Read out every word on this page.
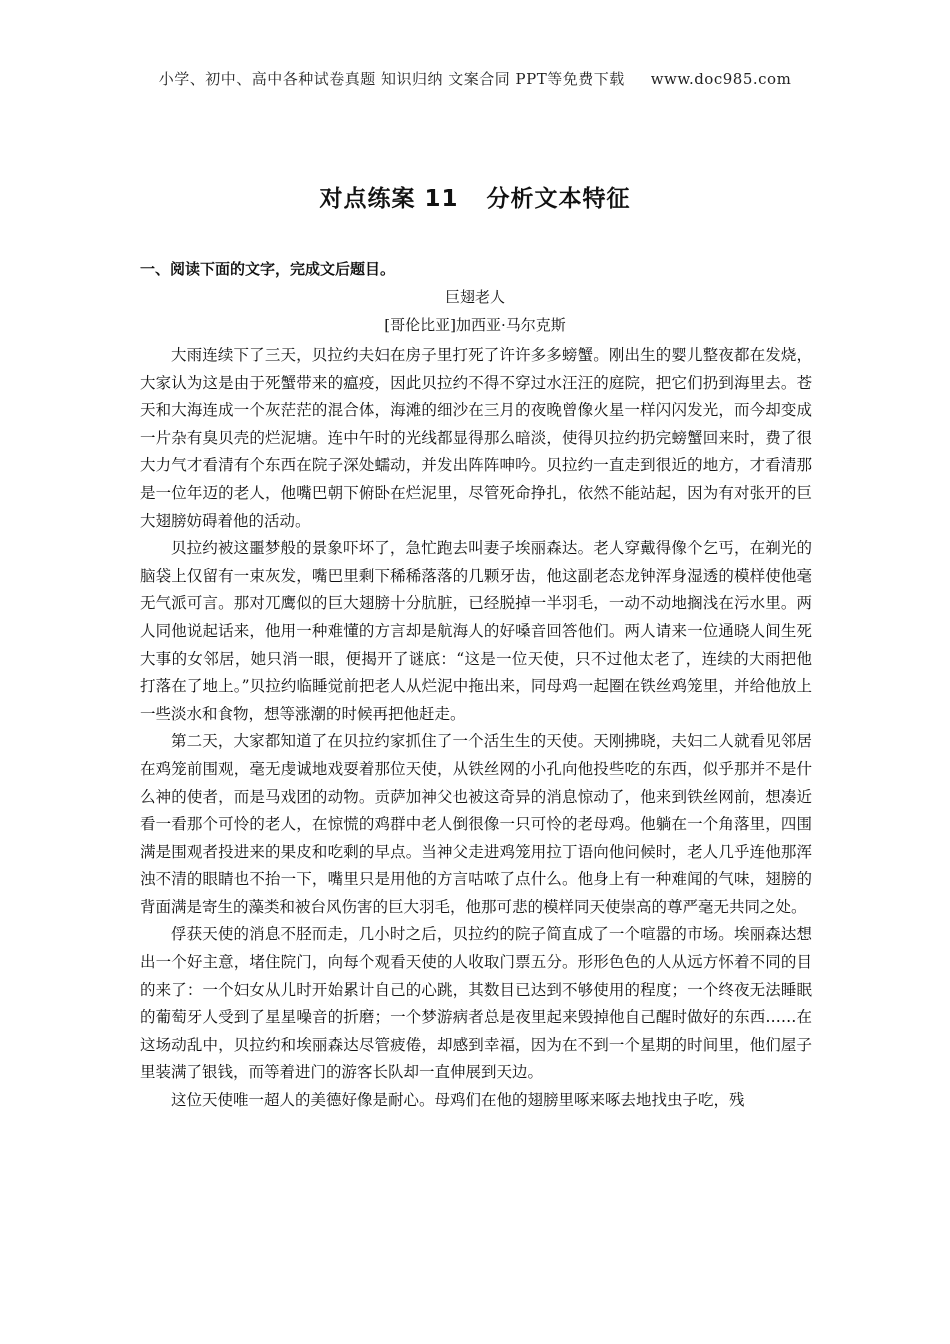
小学、初中、高中各种试卷真题 知识归纳 文案合同 PPT等免费下载 www.doc985.com
对点练案 11 分析文本特征
一、阅读下面的文字，完成文后题目。
巨翅老人
[哥伦比亚]加西亚·马尔克斯

大雨连续下了三天，贝拉约夫妇在房子里打死了许许多多螃蟹。刚出生的婴儿整夜都在发烧，大家认为这是由于死蟹带来的瘟疫，因此贝拉约不得不穿过水汪汪的庭院，把它们扔到海里去。苍天和大海连成一个灰茫茫的混合体，海滩的细沙在三月的夜晚曾像火星一样闪闪发光，而今却变成一片杂有臭贝壳的烂泥塘。连中午时的光线都显得那么暗淡，使得贝拉约扔完螃蟹回来时，费了很大力气才看清有个东西在院子深处蠕动，并发出阵阵呻吟。贝拉约一直走到很近的地方，才看清那是一位年迈的老人，他嘴巴朝下俯卧在烂泥里，尽管死命挣扎，依然不能站起，因为有对张开的巨大翅膀妨碍着他的活动。

贝拉约被这噩梦般的景象吓坏了，急忙跑去叫妻子埃丽森达。老人穿戴得像个乞丐，在剃光的脑袋上仅留有一束灰发，嘴巴里剩下稀稀落落的几颗牙齿，他这副老态龙钟浑身湿透的模样使他毫无气派可言。那对兀鹰似的巨大翅膀十分肮脏，已经脱掉一半羽毛，一动不动地搁浅在污水里。两人同他说起话来，他用一种难懂的方言却是航海人的好嗓音回答他们。两人请来一位通晓人间生死大事的女邻居，她只消一眼，便揭开了谜底：“这是一位天使，只不过他太老了，连续的大雨把他打落在了地上。”贝拉约临睡觉前把老人从烂泥中拖出来，同母鸡一起圈在铁丝鸡笼里，并给他放上一些淡水和食物，想等涨潮的时候再把他赶走。

第二天，大家都知道了在贝拉约家抓住了一个活生生的天使。天刚拂晓，夫妇二人就看见邻居在鸡笼前围观，毫无虔诚地戏耍着那位天使，从铁丝网的小孔向他投些吃的东西，似乎那并不是什么神的使者，而是马戏团的动物。贡萨加神父也被这奇异的消息惊动了，他来到铁丝网前，想凑近看一看那个可怜的老人，在惊慌的鸡群中老人倒很像一只可怜的老母鸡。他躺在一个角落里，四围满是围观者投进来的果皮和吃剩的早点。当神父走进鸡笼用拉丁语向他问候时，老人几乎连他那浑浊不清的眼睛也不抬一下，嘴里只是用他的方言咕哝了点什么。他身上有一种难闻的气味，翅膀的背面满是寄生的藻类和被台风伤害的巨大羽毛，他那可悲的模样同天使崇高的尊严毫无共同之处。

俘获天使的消息不胫而走，几小时之后，贝拉约的院子简直成了一个喧嚣的市场。埃丽森达想出一个好主意，堵住院门，向每个观看天使的人收取门票五分。形形色色的人从远方怀着不同的目的来了：一个妇女从儿时开始累计自己的心跳，其数目已达到不够使用的程度；一个终夜无法睡眠的葡萄牙人受到了星星噪音的折磨；一个梦游病者总是夜里起来毁掉他自己醒时做好的东西……在这场动乱中，贝拉约和埃丽森达尽管疲倦，却感到幸福，因为在不到一个星期的时间里，他们屋子里装满了银钱，而等着进门的游客长队却一直伸展到天边。

这位天使唯一超人的美德好像是耐心。母鸡们在他的翅膀里啄来啄去地找虫子吃，残
